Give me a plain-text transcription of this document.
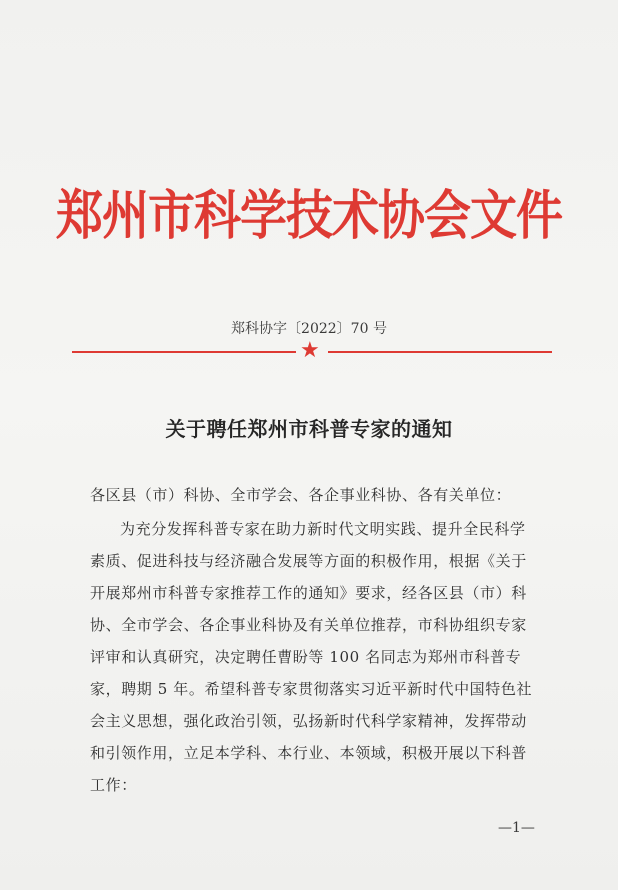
郑州市科学技术协会文件
郑科协字〔2022〕70 号
★
关于聘任郑州市科普专家的通知
各区县（市）科协、全市学会、各企事业科协、各有关单位：
为充分发挥科普专家在助力新时代文明实践、提升全民科学
素质、促进科技与经济融合发展等方面的积极作用，根据《关于
开展郑州市科普专家推荐工作的通知》要求，经各区县（市）科
协、全市学会、各企事业科协及有关单位推荐，市科协组织专家
评审和认真研究，决定聘任曹盼等 100 名同志为郑州市科普专
家，聘期 5 年。希望科普专家贯彻落实习近平新时代中国特色社
会主义思想，强化政治引领，弘扬新时代科学家精神，发挥带动
和引领作用，立足本学科、本行业、本领域，积极开展以下科普
工作：
—1—
